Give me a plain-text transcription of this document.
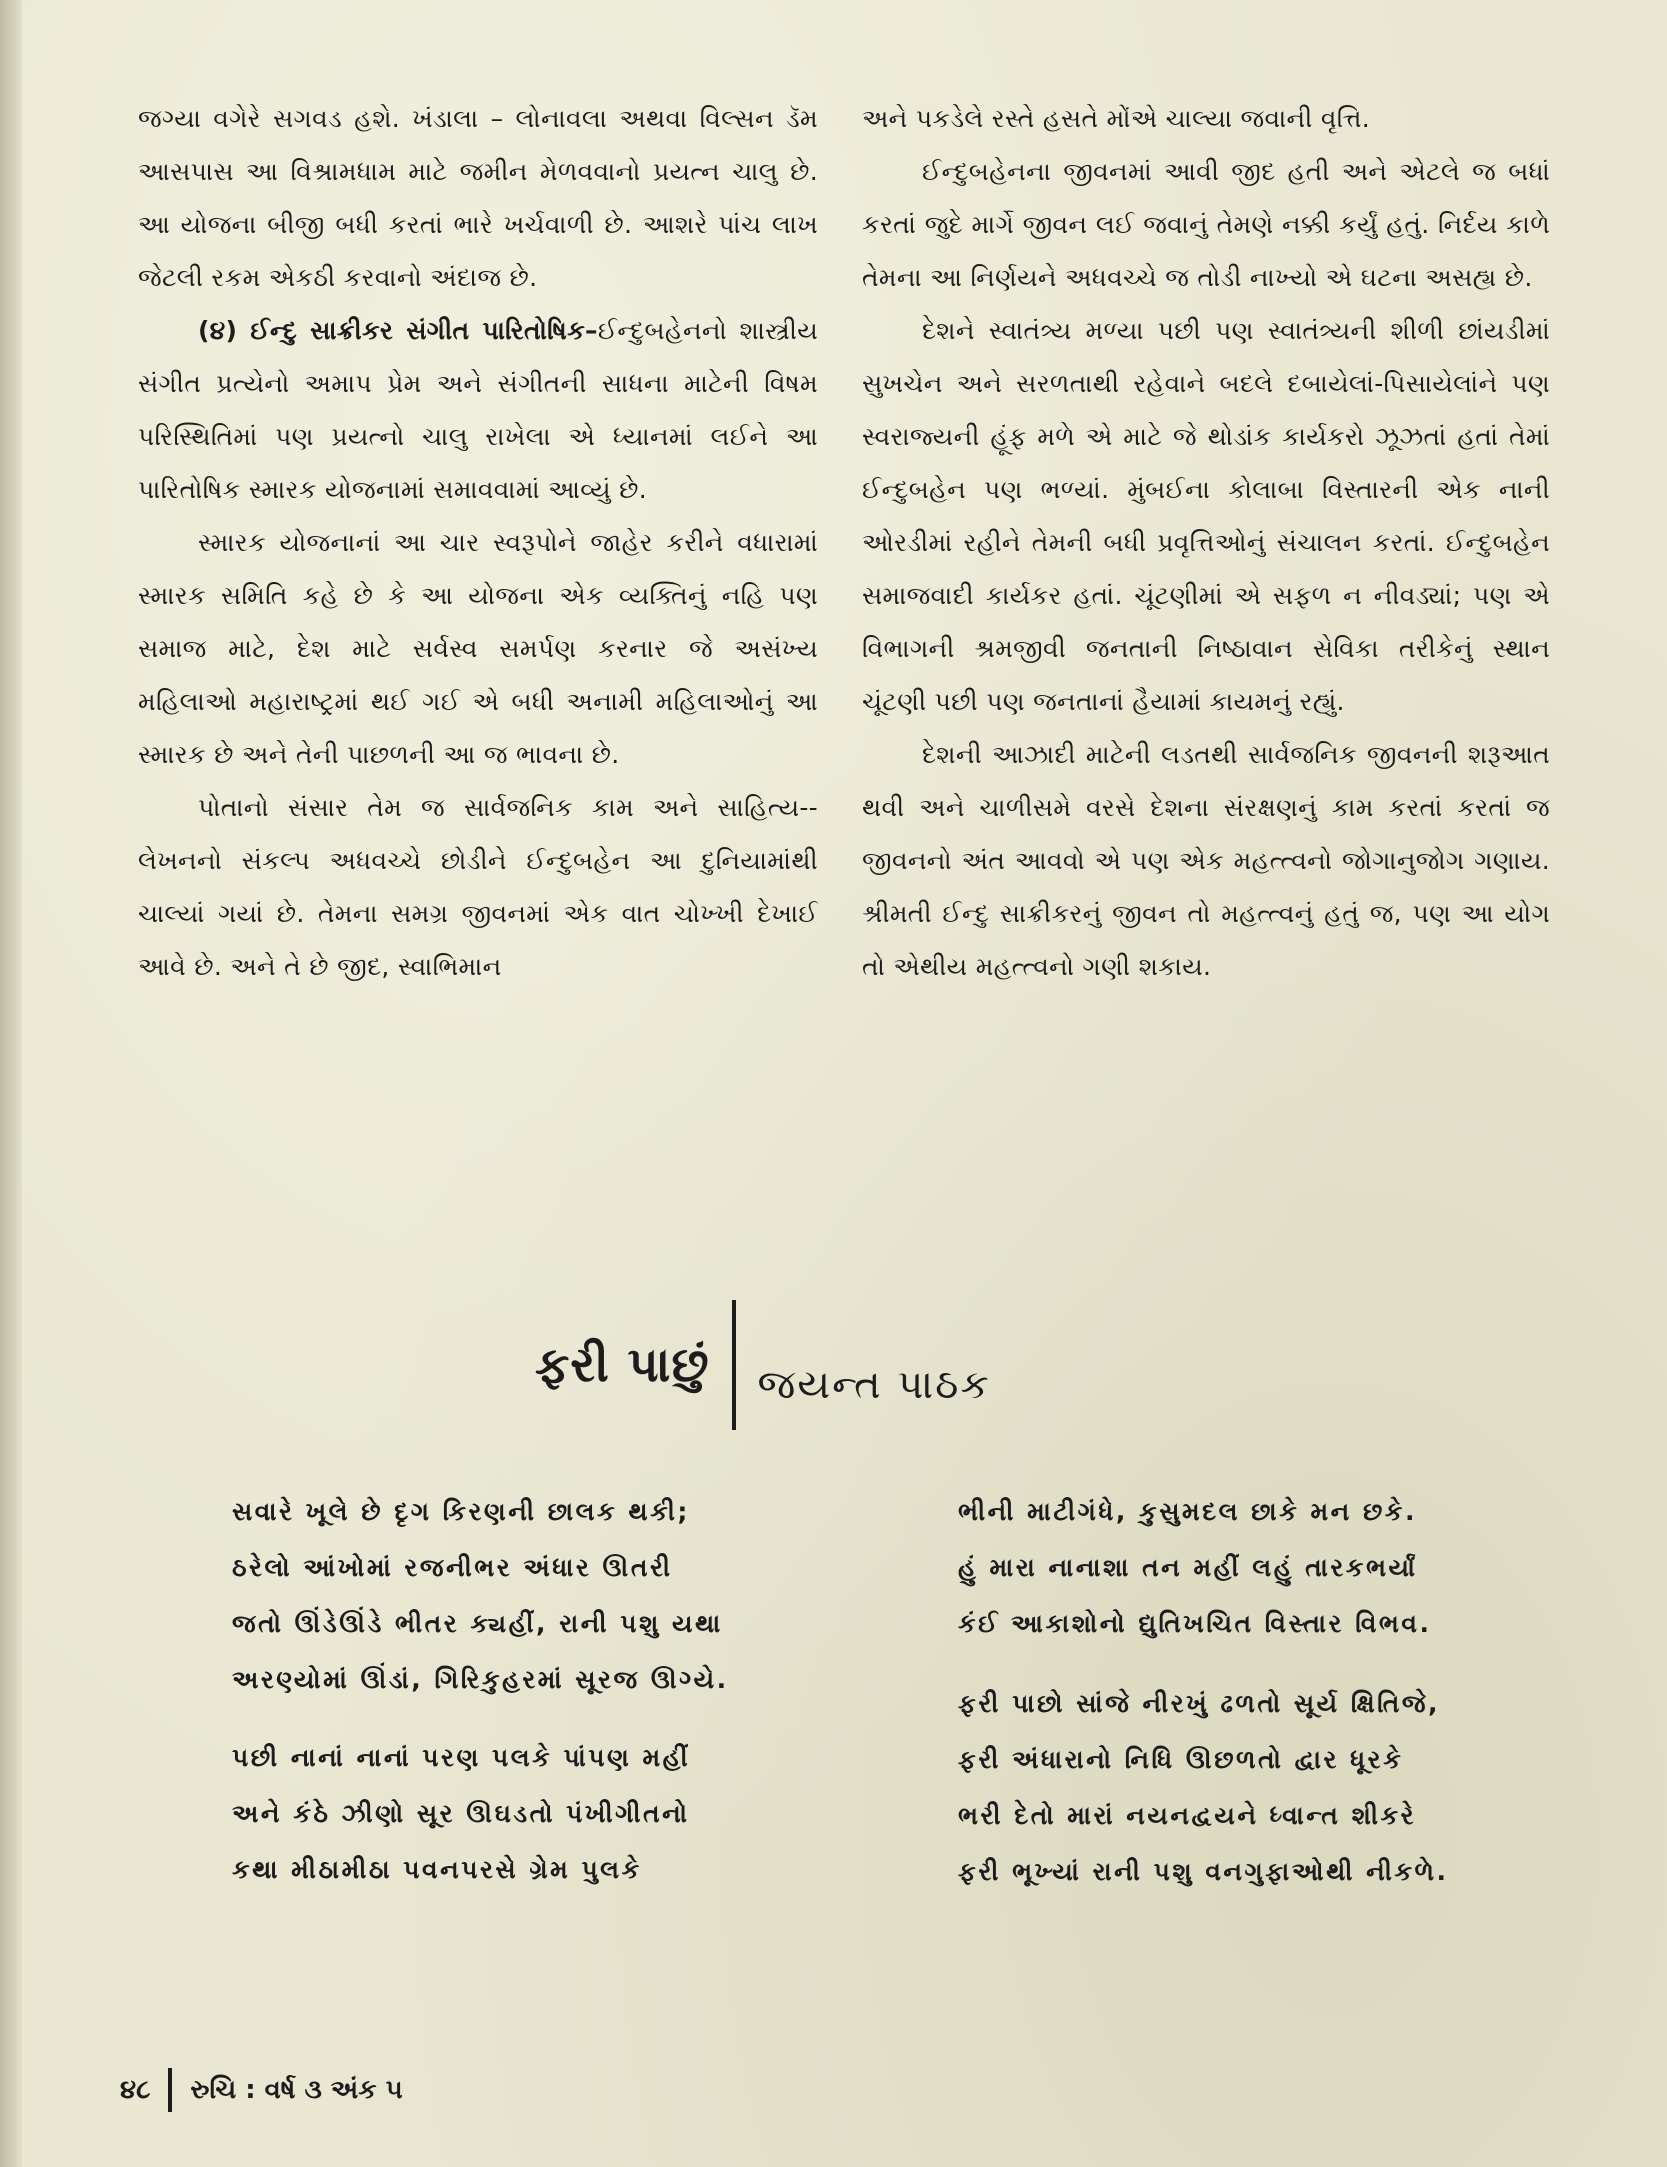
જગ્યા વગેરે સગવડ હશે. ખંડાલા – લોનાવલા અથવા વિલ્સન ડૅમ આસપાસ આ વિશ્રામધામ માટે જમીન મેળવવાનો પ્રયત્ન ચાલુ છે. આ યોજના બીજી બધી કરતાં ભારે ખર્ચવાળી છે. આશરે પાંચ લાખ જેટલી રકમ એકઠી કરવાનો અંદાજ છે.

(૪) ઈન્દુ સાક્રીકર સંગીત પારિતોષિક–ઈન્દુબહેનનો શાસ્ત્રીય સંગીત પ્રત્યેનો અમાપ પ્રેમ અને સંગીતની સાધના માટેની વિષમ પરિસ્થિતિમાં પણ પ્રયત્નો ચાલુ રાખેલા એ ધ્યાનમાં લઈને આ પારિતોષિક સ્મારક યોજનામાં સમાવવામાં આવ્યું છે.

સ્મારક યોજનાનાં આ ચાર સ્વરૂપોને જાહેર કરીને વધારામાં સ્મારક સમિતિ કહે છે કે આ યોજના એક વ્યક્તિનું નહિ પણ સમાજ માટે, દેશ માટે સર્વસ્વ સમર્પણ કરનાર જે અસંખ્ય મહિલાઓ મહારાષ્ટ્રમાં થઈ ગઈ એ બધી અનામી મહિલાઓનું આ સ્મારક છે અને તેની પાછળની આ જ ભાવના છે.

પોતાનો સંસાર તેમ જ સાર્વજનિક કામ અને સાહિત્ય-- લેખનનો સંકલ્પ અધવચ્ચે છોડીને ઈન્દુબહેન આ દુનિયામાંથી ચાલ્યાં ગયાં છે. તેમના સમગ્ર જીવનમાં એક વાત ચોખ્ખી દેખાઈ આવે છે. અને તે છે જીદ, સ્વાભિમાન

અને પકડેલે રસ્તે હસતે મોંએ ચાલ્યા જવાની વૃત્તિ.

ઈન્દુબહેનના જીવનમાં આવી જીદ હતી અને એટલે જ બધાં કરતાં જુદે માર્ગે જીવન લઈ જવાનું તેમણે નક્કી કર્યું હતું. નિર્દય કાળે તેમના આ નિર્ણયને અધવચ્ચે જ તોડી નાખ્યો એ ઘટના અસહ્ય છે.

દેશને સ્વાતંત્ર્ય મળ્યા પછી પણ સ્વાતંત્ર્યની શીળી છાંયડીમાં સુખચેન અને સરળતાથી રહેવાને બદલે દબાયેલાં-પિસાયેલાંને પણ સ્વરાજ્યની હૂંફ મળે એ માટે જે થોડાંક કાર્યકરો ઝૂઝતાં હતાં તેમાં ઈન્દુબહેન પણ ભળ્યાં. મુંબઈના કોલાબા વિસ્તારની એક નાની ઓરડીમાં રહીને તેમની બધી પ્રવૃત્તિઓનું સંચાલન કરતાં. ઈન્દુબહેન સમાજવાદી કાર્યકર હતાં. ચૂંટણીમાં એ સફળ ન નીવડ્યાં; પણ એ વિભાગની શ્રમજીવી જનતાની નિષ્ઠાવાન સેવિકા તરીકેનું સ્થાન ચૂંટણી પછી પણ જનતાનાં હૈયામાં કાયમનું રહ્યું.

દેશની આઝાદી માટેની લડતથી સાર્વજનિક જીવનની શરૂઆત થવી અને ચાળીસમે વરસે દેશના સંરક્ષણનું કામ કરતાં કરતાં જ જીવનનો અંત આવવો એ પણ એક મહત્ત્વનો જોગાનુજોગ ગણાય. શ્રીમતી ઈન્દુ સાક્રીકરનું જીવન તો મહત્ત્વનું હતું જ, પણ આ યોગ તો એથીય મહત્ત્વનો ગણી શકાય.

ફરી પાછું	જયન્ત પાઠક
સવારે ખૂલે છે દૃગ કિરણની છાલક થકી;
ઠરેલો આંખોમાં રજનીભર અંધાર ઊતરી
જતો ઊંડેઊંડે ભીતર ક્યહીં, રાની પશુ યથા
અરણ્યોમાં ઊંડાં, ગિરિકુહરમાં સૂરજ ઊગ્યે.
પછી નાનાં નાનાં પરણ પલકે પાંપણ મહીં
અને કંઠે ઝીણો સૂર ઊઘડતો પંખીગીતનો
કથા મીઠામીઠા પવનપરસે ગ્રેમ પુલકે
ભીની માટીગંધે, કુસુમદલ છાકે મન છકે.
હું મારા નાનાશા તન મહીં લહું તારકભર્યાં
કંઈ આકાશોનો દ્યુતિખચિત વિસ્તાર વિભવ.
ફરી પાછો સાંજે નીરખું ઢળતો સૂર્ય ક્ષિતિજે,
ફરી અંધારાનો નિધિ ઊછળતો દ્વાર ધૂરકે
ભરી દેતો મારાં નયનદ્વયને ધ્વાન્ત શીકરે
ફરી ભૂખ્યાં રાની પશુ વનગુફાઓથી નીકળે.
૪૮ રુચિ : વર્ષ ૩ અંક ૫
